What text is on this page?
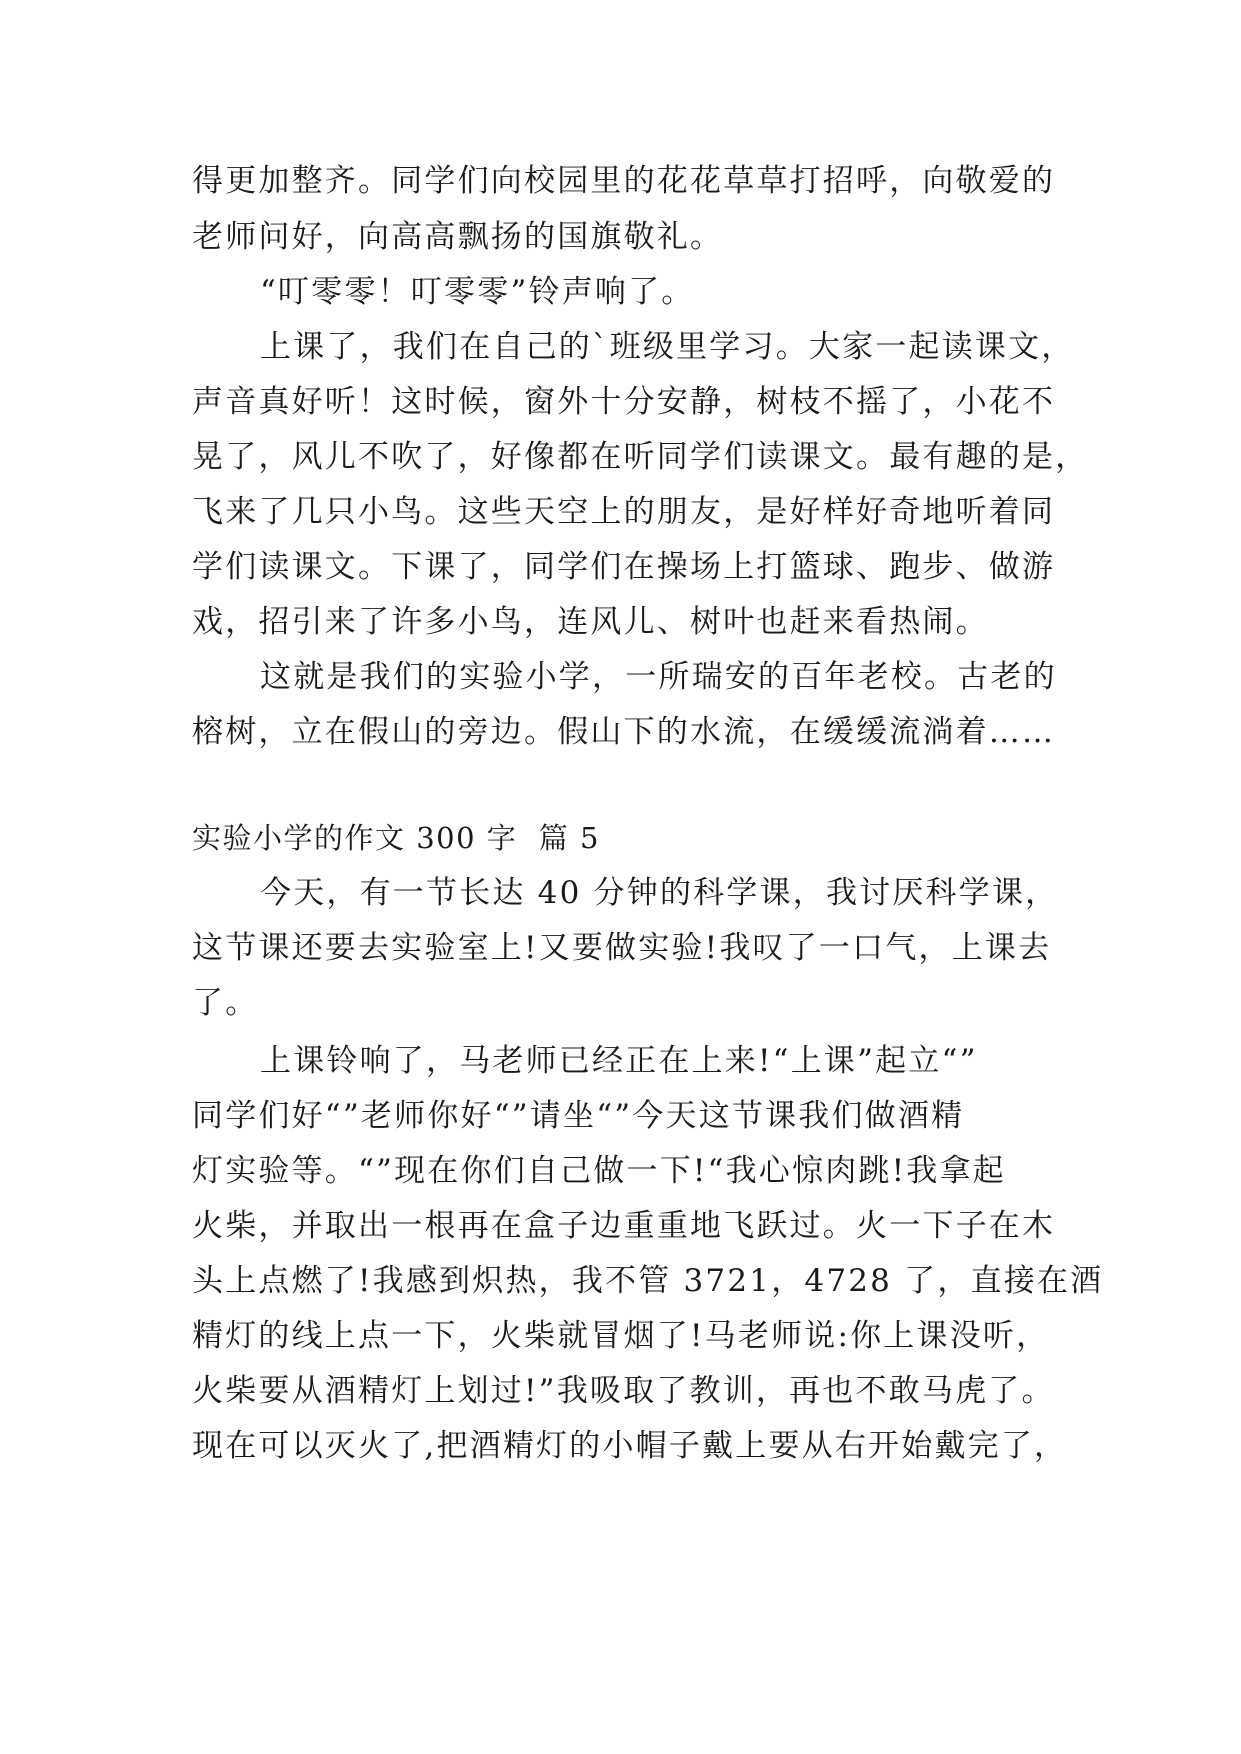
得更加整齐。同学们向校园里的花花草草打招呼，向敬爱的
老师问好，向高高飘扬的国旗敬礼。
“叮零零！叮零零”铃声响了。
上课了，我们在自己的`班级里学习。大家一起读课文，
声音真好听！这时候，窗外十分安静，树枝不摇了，小花不
晃了，风儿不吹了，好像都在听同学们读课文。最有趣的是，
飞来了几只小鸟。这些天空上的朋友，是好样好奇地听着同
学们读课文。下课了，同学们在操场上打篮球、跑步、做游
戏，招引来了许多小鸟，连风儿、树叶也赶来看热闹。
这就是我们的实验小学，一所瑞安的百年老校。古老的
榕树，立在假山的旁边。假山下的水流，在缓缓流淌着……
实验小学的作文 300 字  篇 5
今天，有一节长达 40 分钟的科学课，我讨厌科学课，
这节课还要去实验室上!又要做实验!我叹了一口气，上课去
了。
上课铃响了，马老师已经正在上来!“上课”起立“”
同学们好“”老师你好“”请坐“”今天这节课我们做酒精
灯实验等。“”现在你们自己做一下!“我心惊肉跳!我拿起
火柴，并取出一根再在盒子边重重地飞跃过。火一下子在木
头上点燃了!我感到炽热，我不管 3721，4728 了，直接在酒
精灯的线上点一下，火柴就冒烟了!马老师说:你上课没听，
火柴要从酒精灯上划过!”我吸取了教训，再也不敢马虎了。
现在可以灭火了,把酒精灯的小帽子戴上要从右开始戴完了，
